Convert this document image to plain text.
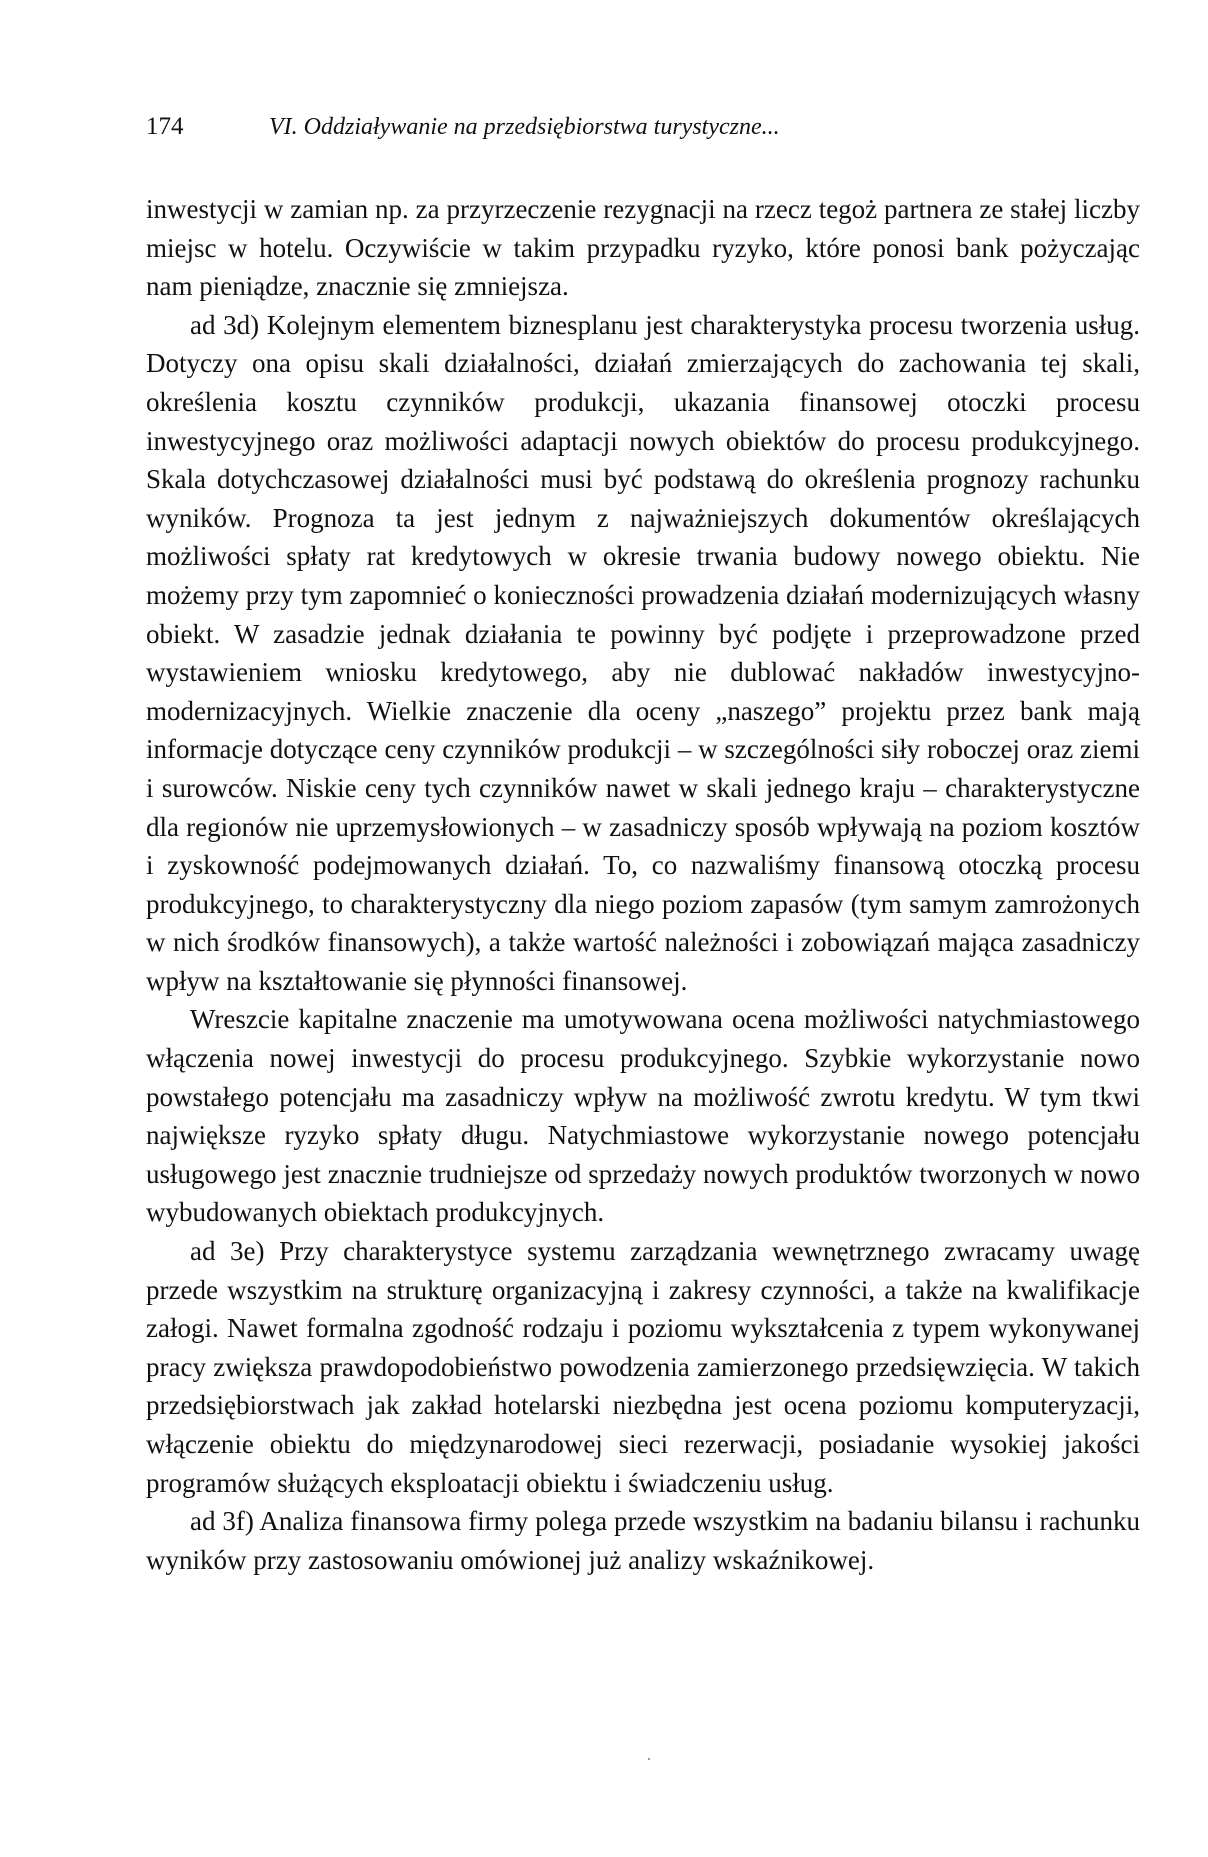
174	VI. Oddziaływanie na przedsiębiorstwa turystyczne...

inwestycji w zamian np. za przyrzeczenie rezygnacji na rzecz tegoż partnera ze stałej liczby miejsc w hotelu. Oczywiście w takim przypadku ryzyko, które ponosi bank pożyczając nam pieniądze, znacznie się zmniejsza.

ad 3d) Kolejnym elementem biznesplanu jest charakterystyka procesu tworzenia usług. Dotyczy ona opisu skali działalności, działań zmierzających do zachowania tej skali, określenia kosztu czynników produkcji, ukazania finansowej otoczki procesu inwestycyjnego oraz możliwości adaptacji nowych obiektów do procesu produkcyjnego. Skala dotychczasowej działalności musi być podstawą do określenia prognozy rachunku wyników. Prognoza ta jest jednym z najważniejszych dokumentów określających możliwości spłaty rat kredytowych w okresie trwania budowy nowego obiektu. Nie możemy przy tym zapomnieć o konieczności prowadzenia działań modernizujących własny obiekt. W zasadzie jednak działania te powinny być podjęte i przeprowadzone przed wystawieniem wniosku kredytowego, aby nie dublować nakładów inwestycyjno-modernizacyjnych. Wielkie znaczenie dla oceny „naszego” projektu przez bank mają informacje dotyczące ceny czynników produkcji – w szczególności siły roboczej oraz ziemi i surowców. Niskie ceny tych czynników nawet w skali jednego kraju – charakterystyczne dla regionów nie uprzemysłowionych – w zasadniczy sposób wpływają na poziom kosztów i zyskowność podejmowanych działań. To, co nazwaliśmy finansową otoczką procesu produkcyjnego, to charakterystyczny dla niego poziom zapasów (tym samym zamrożonych w nich środków finansowych), a także wartość należności i zobowiązań mająca zasadniczy wpływ na kształtowanie się płynności finansowej.

Wreszcie kapitalne znaczenie ma umotywowana ocena możliwości natychmiastowego włączenia nowej inwestycji do procesu produkcyjnego. Szybkie wykorzystanie nowo powstałego potencjału ma zasadniczy wpływ na możliwość zwrotu kredytu. W tym tkwi największe ryzyko spłaty długu. Natychmiastowe wykorzystanie nowego potencjału usługowego jest znacznie trudniejsze od sprzedaży nowych produktów tworzonych w nowo wybudowanych obiektach produkcyjnych.

ad 3e) Przy charakterystyce systemu zarządzania wewnętrznego zwracamy uwagę przede wszystkim na strukturę organizacyjną i zakresy czynności, a także na kwalifikacje załogi. Nawet formalna zgodność rodzaju i poziomu wykształcenia z typem wykonywanej pracy zwiększa prawdopodobieństwo powodzenia zamierzonego przedsięwzięcia. W takich przedsiębiorstwach jak zakład hotelarski niezbędna jest ocena poziomu komputeryzacji, włączenie obiektu do międzynarodowej sieci rezerwacji, posiadanie wysokiej jakości programów służących eksploatacji obiektu i świadczeniu usług.

ad 3f) Analiza finansowa firmy polega przede wszystkim na badaniu bilansu i rachunku wyników przy zastosowaniu omówionej już analizy wskaźnikowej.
